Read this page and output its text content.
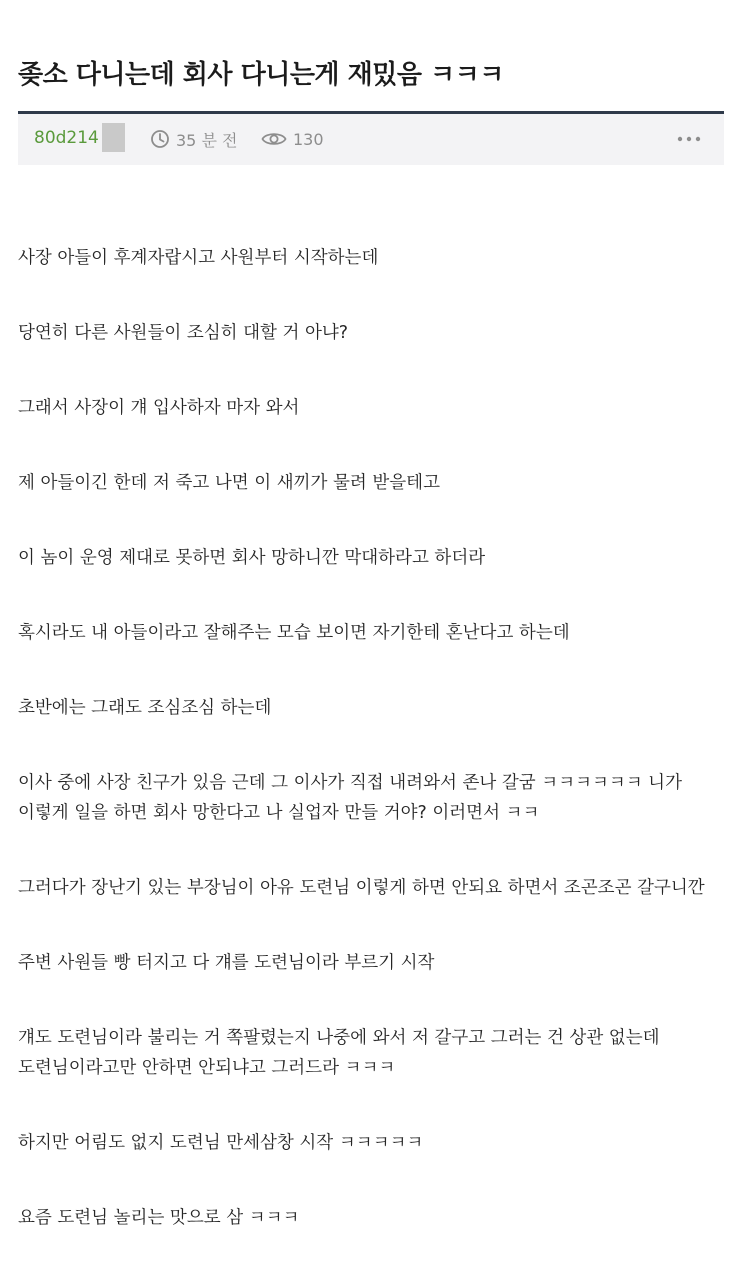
좆소 다니는데 회사 다니는게 재밌음 ㅋㅋㅋ
80d214	35 분 전	130

사장 아들이 후계자랍시고 사원부터 시작하는데

당연히 다른 사원들이 조심히 대할 거 아냐?

그래서 사장이 걔 입사하자 마자 와서

제 아들이긴 한데 저 죽고 나면 이 새끼가 물려 받을테고

이 놈이 운영 제대로 못하면 회사 망하니깐 막대하라고 하더라

혹시라도 내 아들이라고 잘해주는 모습 보이면 자기한테 혼난다고 하는데

초반에는 그래도 조심조심 하는데

이사 중에 사장 친구가 있음 근데 그 이사가 직접 내려와서 존나 갈굼 ㅋㅋㅋㅋㅋㅋ 니가 이렇게 일을 하면 회사 망한다고 나 실업자 만들 거야? 이러면서 ㅋㅋ

그러다가 장난기 있는 부장님이 아유 도련님 이렇게 하면 안되요 하면서 조곤조곤 갈구니깐

주변 사원들 빵 터지고 다 걔를 도련님이라 부르기 시작

걔도 도련님이라 불리는 거 쪽팔렸는지 나중에 와서 저 갈구고 그러는 건 상관 없는데 도련님이라고만 안하면 안되냐고 그러드라 ㅋㅋㅋ

하지만 어림도 없지 도련님 만세삼창 시작 ㅋㅋㅋㅋㅋ

요즘 도련님 놀리는 맛으로 삼 ㅋㅋㅋ
